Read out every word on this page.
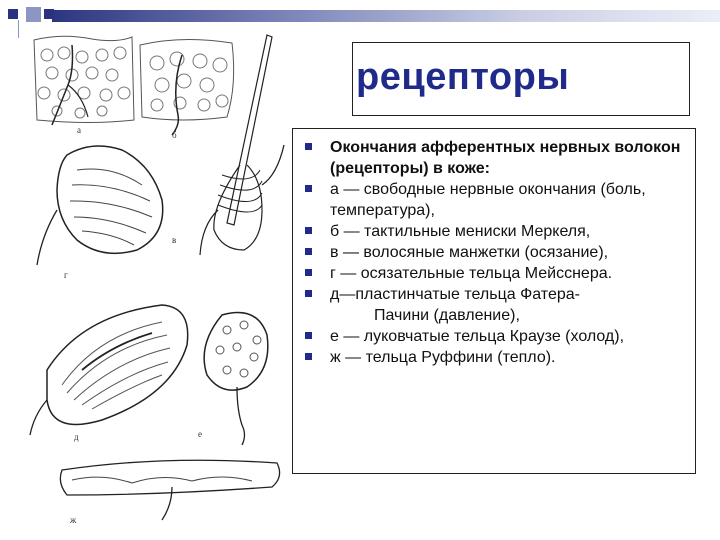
а	б
в
г
д	е
ж
рецепторы
Окончания афферентных нервных волокон (рецепторы) в коже:
а — свободные нервные окончания (боль, температура),
б — тактильные мениски Меркеля,
в — волосяные манжетки (осязание),
г — осязательные тельца Мейсснера.
д—пластинчатые тельца Фатера-
Пачини (давление),
е — луковчатые тельца Краузе (холод),
ж — тельца Руффини (тепло).
